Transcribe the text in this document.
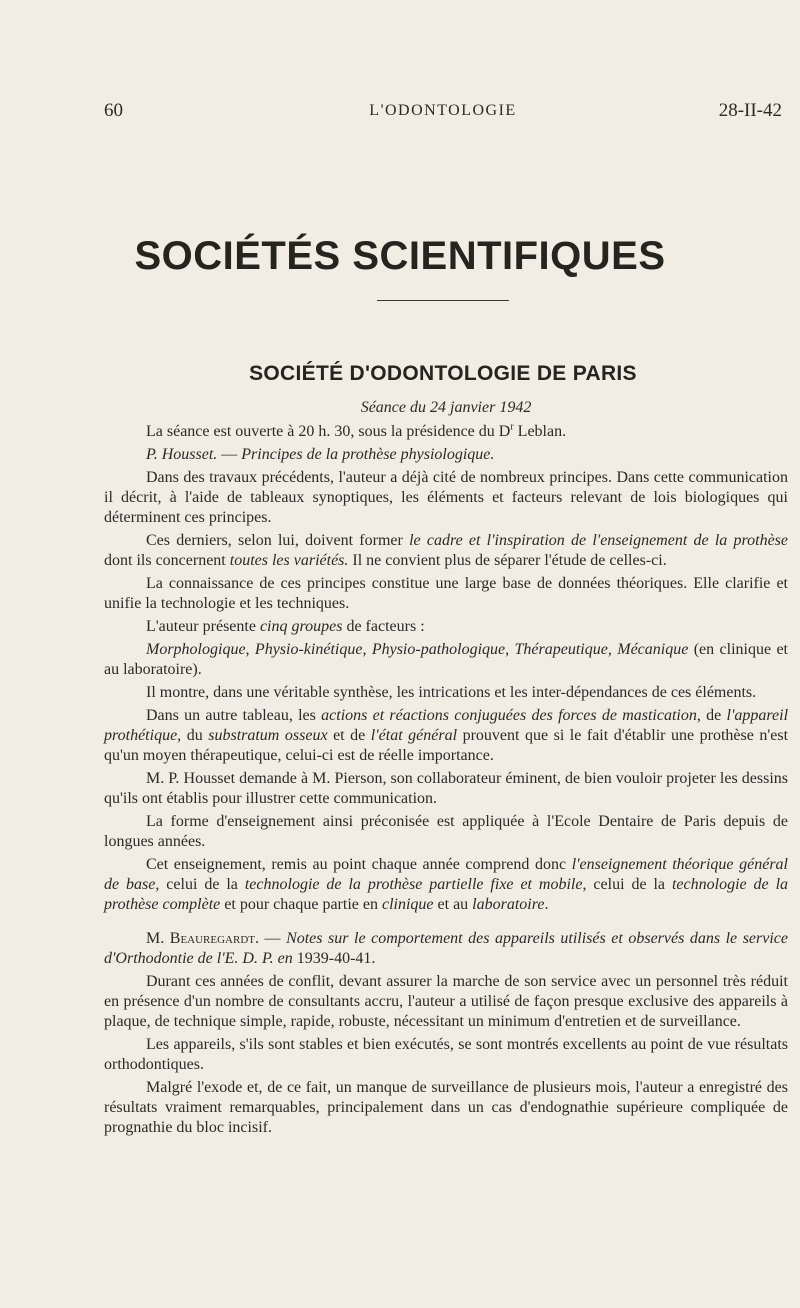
60	L'ODONTOLOGIE	28-II-42
SOCIÉTÉS SCIENTIFIQUES
SOCIÉTÉ D'ODONTOLOGIE DE PARIS

Séance du 24 janvier 1942

La séance est ouverte à 20 h. 30, sous la présidence du $D^r$ Leblan.

P. Housset. — Principes de la prothèse physiologique.

Dans des travaux précédents, l'auteur a déjà cité de nombreux principes. Dans cette communication il décrit, à l'aide de tableaux synoptiques, les éléments et facteurs relevant de lois biologiques qui déterminent ces principes.

Ces derniers, selon lui, doivent former le cadre et l'inspiration de l'enseignement de la prothèse dont ils concernent toutes les variétés. Il ne convient plus de séparer l'étude de celles-ci.

La connaissance de ces principes constitue une large base de données théoriques. Elle clarifie et unifie la technologie et les techniques.

L'auteur présente cinq groupes de facteurs :

Morphologique, Physio-kinétique, Physio-pathologique, Thérapeutique, Mécanique (en clinique et au laboratoire).

Il montre, dans une véritable synthèse, les intrications et les inter-dépendances de ces éléments.

Dans un autre tableau, les actions et réactions conjuguées des forces de mastication, de l'appareil prothétique, du substratum osseux et de l'état général prouvent que si le fait d'établir une prothèse n'est qu'un moyen thérapeutique, celui-ci est de réelle importance.

M. P. Housset demande à M. Pierson, son collaborateur éminent, de bien vouloir projeter les dessins qu'ils ont établis pour illustrer cette communication.

La forme d'enseignement ainsi préconisée est appliquée à l'Ecole Dentaire de Paris depuis de longues années.

Cet enseignement, remis au point chaque année comprend donc l'enseignement théorique général de base, celui de la technologie de la prothèse partielle fixe et mobile, celui de la technologie de la prothèse complète et pour chaque partie en clinique et au laboratoire.

M. Beauregardt. — Notes sur le comportement des appareils utilisés et observés dans le service d'Orthodontie de l'E. D. P. en 1939-40-41.

Durant ces années de conflit, devant assurer la marche de son service avec un personnel très réduit en présence d'un nombre de consultants accru, l'auteur a utilisé de façon presque exclusive des appareils à plaque, de technique simple, rapide, robuste, nécessitant un minimum d'entretien et de surveillance.

Les appareils, s'ils sont stables et bien exécutés, se sont montrés excellents au point de vue résultats orthodontiques.

Malgré l'exode et, de ce fait, un manque de surveillance de plusieurs mois, l'auteur a enregistré des résultats vraiment remarquables, principalement dans un cas d'endognathie supérieure compliquée de prognathie du bloc incisif.
